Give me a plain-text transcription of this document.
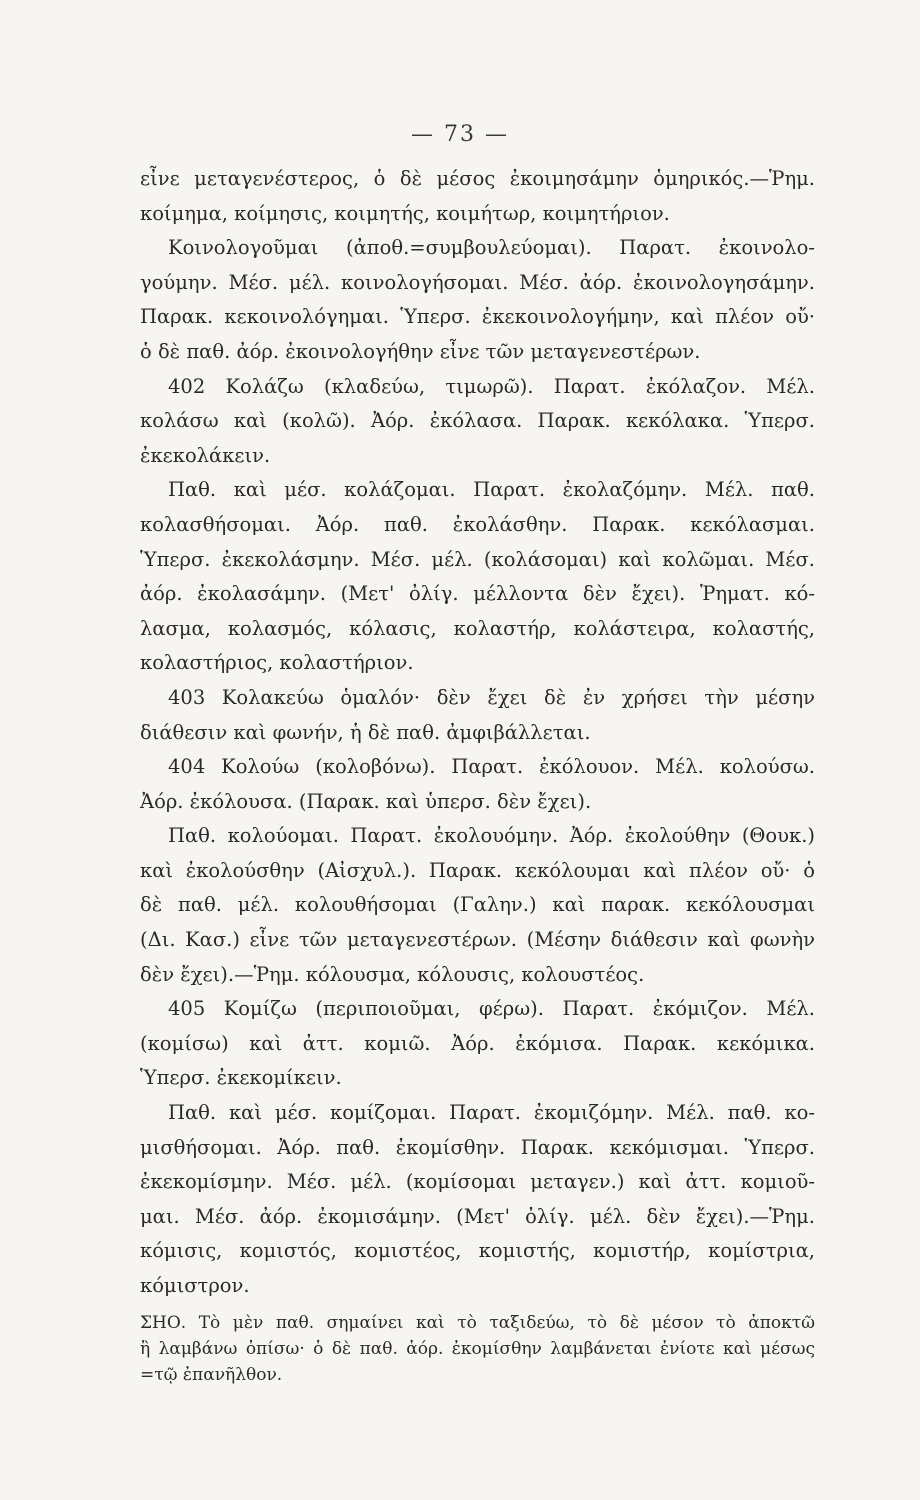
— 73 —
εἶνε μεταγενέστερος, ὁ δὲ μέσος ἐκοιμησάμην ὁμηρικός.—Ῥημ.
κοίμημα, κοίμησις, κοιμητής, κοιμήτωρ, κοιμητήριον.
Κοινολογοῦμαι (ἀποθ.=συμβουλεύομαι). Παρατ. ἐκοινολο-
γούμην. Μέσ. μέλ. κοινολογήσομαι. Μέσ. ἀόρ. ἐκοινολογησάμην.
Παρακ. κεκοινολόγημαι. Ὑπερσ. ἐκεκοινολογήμην, καὶ πλέον οὔ·
ὁ δὲ παθ. ἀόρ. ἐκοινολογήθην εἶνε τῶν μεταγενεστέρων.
402 Κολάζω (κλαδεύω, τιμωρῶ). Παρατ. ἐκόλαζον. Μέλ.
κολάσω καὶ (κολῶ). Ἀόρ. ἐκόλασα. Παρακ. κεκόλακα. Ὑπερσ.
ἐκεκολάκειν.
Παθ. καὶ μέσ. κολάζομαι. Παρατ. ἐκολαζόμην. Μέλ. παθ.
κολασθήσομαι. Ἀόρ. παθ. ἐκολάσθην. Παρακ. κεκόλασμαι.
Ὑπερσ. ἐκεκολάσμην. Μέσ. μέλ. (κολάσομαι) καὶ κολῶμαι. Μέσ.
ἀόρ. ἐκολασάμην. (Μετ' ὀλίγ. μέλλοντα δὲν ἔχει). Ῥηματ. κό-
λασμα, κολασμός, κόλασις, κολαστήρ, κολάστειρα, κολαστής,
κολαστήριος, κολαστήριον.
403 Κολακεύω ὁμαλόν· δὲν ἔχει δὲ ἐν χρήσει τὴν μέσην
διάθεσιν καὶ φωνήν, ἡ δὲ παθ. ἀμφιβάλλεται.
404 Κολούω (κολοβόνω). Παρατ. ἐκόλουον. Μέλ. κολούσω.
Ἀόρ. ἐκόλουσα. (Παρακ. καὶ ὑπερσ. δὲν ἔχει).
Παθ. κολούομαι. Παρατ. ἐκολουόμην. Ἀόρ. ἐκολούθην (Θουκ.)
καὶ ἐκολούσθην (Αἰσχυλ.). Παρακ. κεκόλουμαι καὶ πλέον οὔ· ὁ
δὲ παθ. μέλ. κολουθήσομαι (Γαλην.) καὶ παρακ. κεκόλουσμαι
(Δι. Κασ.) εἶνε τῶν μεταγενεστέρων. (Μέσην διάθεσιν καὶ φωνὴν
δὲν ἔχει).—Ῥημ. κόλουσμα, κόλουσις, κολουστέος.
405 Κομίζω (περιποιοῦμαι, φέρω). Παρατ. ἐκόμιζον. Μέλ.
(κομίσω) καὶ ἀττ. κομιῶ. Ἀόρ. ἐκόμισα. Παρακ. κεκόμικα.
Ὑπερσ. ἐκεκομίκειν.
Παθ. καὶ μέσ. κομίζομαι. Παρατ. ἐκομιζόμην. Μέλ. παθ. κο-
μισθήσομαι. Ἀόρ. παθ. ἐκομίσθην. Παρακ. κεκόμισμαι. Ὑπερσ.
ἐκεκομίσμην. Μέσ. μέλ. (κομίσομαι μεταγεν.) καὶ ἀττ. κομιοῦ-
μαι. Μέσ. ἀόρ. ἐκομισάμην. (Μετ' ὀλίγ. μέλ. δὲν ἔχει).—Ῥημ.
κόμισις, κομιστός, κομιστέος, κομιστής, κομιστήρ, κομίστρια,
κόμιστρον.
ΣΗΟ. Τὸ μὲν παθ. σημαίνει καὶ τὸ ταξιδεύω, τὸ δὲ μέσον τὸ ἀποκτῶ
ἢ λαμβάνω ὀπίσω· ὁ δὲ παθ. ἀόρ. ἐκομίσθην λαμβάνεται ἐνίοτε καὶ μέσως
=τῷ ἐπανῆλθον.
